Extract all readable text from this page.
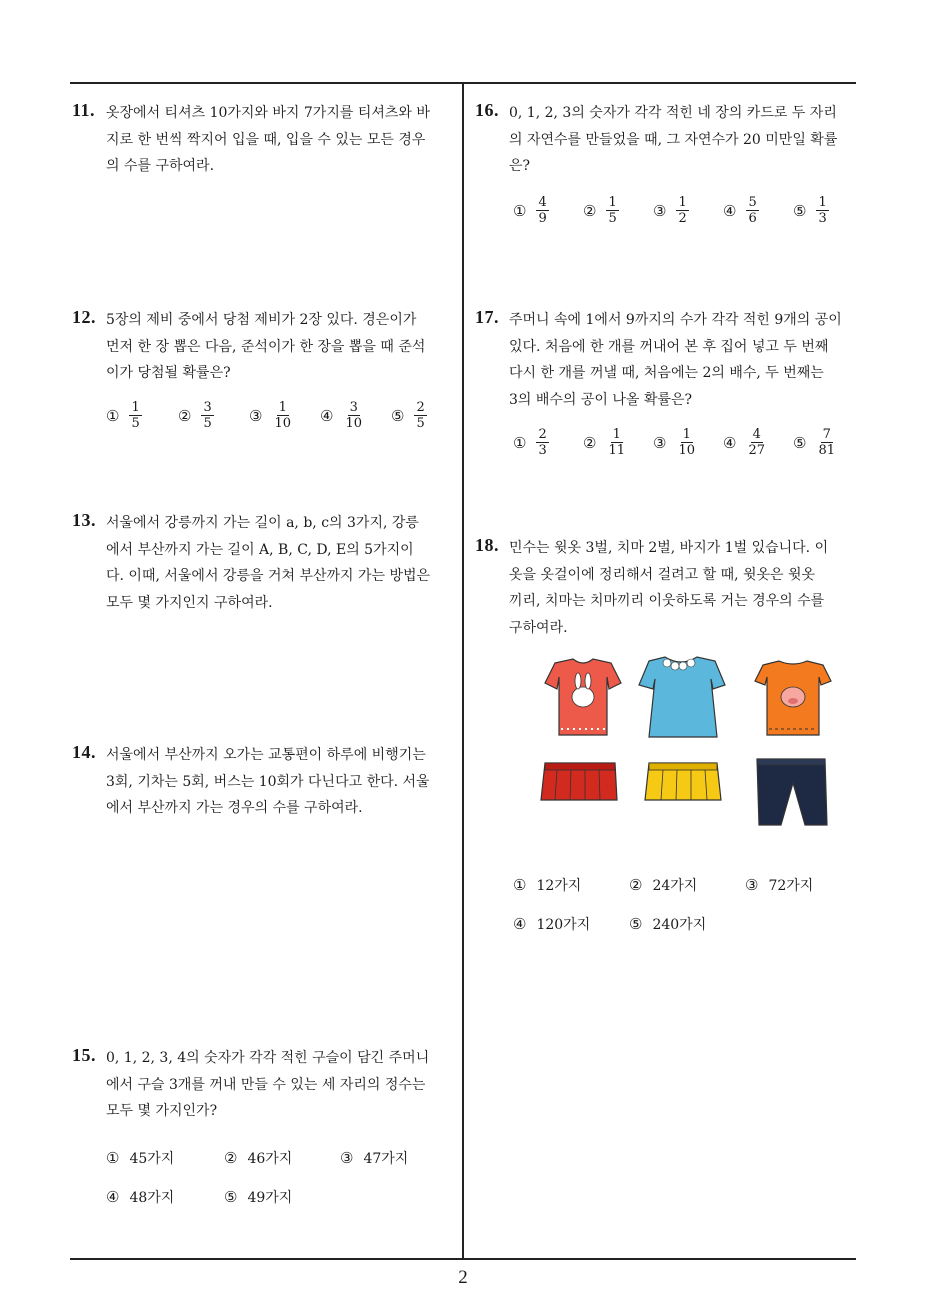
11. 옷장에서 티셔츠 10가지와 바지 7가지를 티셔츠와 바
지로 한 번씩 짝지어 입을 때, 입을 수 있는 모든 경우
의 수를 구하여라.
12. 5장의 제비 중에서 당첨 제비가 2장 있다. 경은이가
먼저 한 장 뽑은 다음, 준석이가 한 장을 뽑을 때 준석
이가 당첨될 확률은?
① $\frac{1}{5}$ ② $\frac{3}{5}$ ③ $\frac{1}{10}$ ④ $\frac{3}{10}$ ⑤ $\frac{2}{5}$
13. 서울에서 강릉까지 가는 길이 a, b, c의 3가지, 강릉
에서 부산까지 가는 길이 A, B, C, D, E의 5가지이
다. 이때, 서울에서 강릉을 거쳐 부산까지 가는 방법은
모두 몇 가지인지 구하여라.
14. 서울에서 부산까지 오가는 교통편이 하루에 비행기는
3회, 기차는 5회, 버스는 10회가 다닌다고 한다. 서울
에서 부산까지 가는 경우의 수를 구하여라.
15. 0, 1, 2, 3, 4의 숫자가 각각 적힌 구슬이 담긴 주머니
에서 구슬 3개를 꺼내 만들 수 있는 세 자리의 정수는
모두 몇 가지인가?
① 45가지	② 46가지	③ 47가지
④ 48가지	⑤ 49가지
16. 0, 1, 2, 3의 숫자가 각각 적힌 네 장의 카드로 두 자리
의 자연수를 만들었을 때, 그 자연수가 20 미만일 확률
은?
① $\frac{4}{9}$ ② $\frac{1}{5}$ ③ $\frac{1}{2}$ ④ $\frac{5}{6}$ ⑤ $\frac{1}{3}$
17. 주머니 속에 1에서 9까지의 수가 각각 적힌 9개의 공이
있다. 처음에 한 개를 꺼내어 본 후 집어 넣고 두 번째
다시 한 개를 꺼낼 때, 처음에는 2의 배수, 두 번째는
3의 배수의 공이 나올 확률은?
① $\frac{2}{3}$ ② $\frac{1}{11}$ ③ $\frac{1}{10}$ ④ $\frac{4}{27}$ ⑤ $\frac{7}{81}$
18. 민수는 윗옷 3벌, 치마 2벌, 바지가 1벌 있습니다. 이
옷을 옷걸이에 정리해서 걸려고 할 때, 윗옷은 윗옷
끼리, 치마는 치마끼리 이웃하도록 거는 경우의 수를
구하여라.
① 12가지	② 24가지	③ 72가지
④ 120가지	⑤ 240가지
2
